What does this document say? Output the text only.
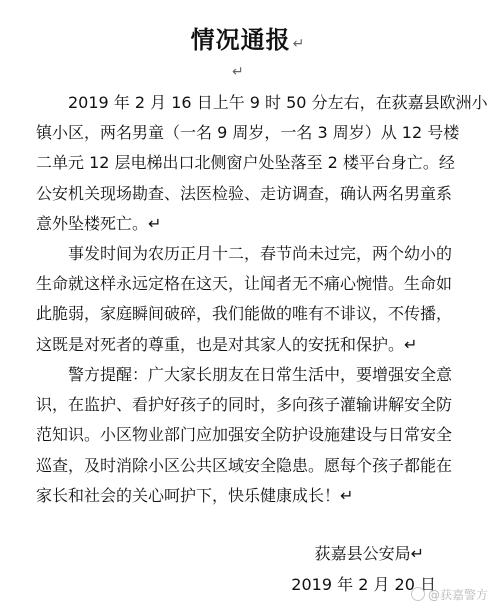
情况通报 ↵
↵

2019 年 2 月 16 日上午 9 时 50 分左右，在荻嘉县欧洲小
镇小区，两名男童（一名 9 周岁，一名 3 周岁）从 12 号楼
二单元 12 层电梯出口北侧窗户处坠落至 2 楼平台身亡。经
公安机关现场勘查、法医检验、走访调查，确认两名男童系
意外坠楼死亡。↵

事发时间为农历正月十二，春节尚未过完，两个幼小的
生命就这样永远定格在这天，让闻者无不痛心惋惜。生命如
此脆弱，家庭瞬间破碎，我们能做的唯有不诽议，不传播，
这既是对死者的尊重，也是对其家人的安抚和保护。↵

警方提醒：广大家长朋友在日常生活中，要增强安全意
识，在监护、看护好孩子的同时，多向孩子灌输讲解安全防
范知识。小区物业部门应加强安全防护设施建设与日常安全
巡查，及时消除小区公共区域安全隐患。愿每个孩子都能在
家长和社会的关心呵护下，快乐健康成长！↵

荻嘉县公安局↵
2019 年 2 月 20 日
@获嘉警方
